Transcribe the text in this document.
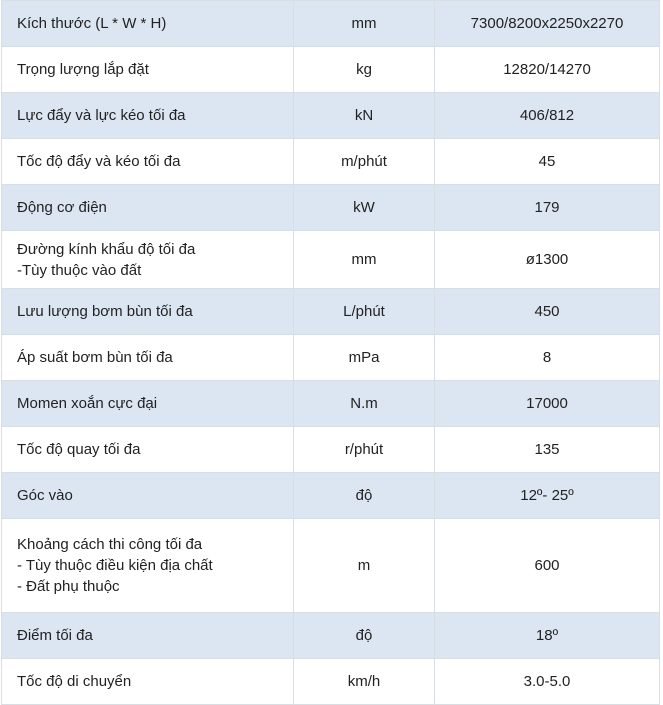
Kích thước (L * W * H)	mm	7300/8200x2250x2270

Trọng lượng lắp đặt	kg	12820/14270

Lực đẩy và lực kéo tối đa	kN	406/812

Tốc độ đẩy và kéo tối đa	m/phút	45

Động cơ điện	kW	179

Đường kính khẩu độ tối đa
-Tùy thuộc vào đất	mm	ø1300

Lưu lượng bơm bùn tối đa	L/phút	450

Áp suất bơm bùn tối đa	mPa	8

Momen xoắn cực đại	N.m	17000

Tốc độ quay tối đa	r/phút	135

Góc vào	độ	12º- 25º

Khoảng cách thi công tối đa
- Tùy thuộc điều kiện địa chất
- Đất phụ thuộc	m	600

Điểm tối đa	độ	18º

Tốc độ di chuyển	km/h	3.0-5.0
